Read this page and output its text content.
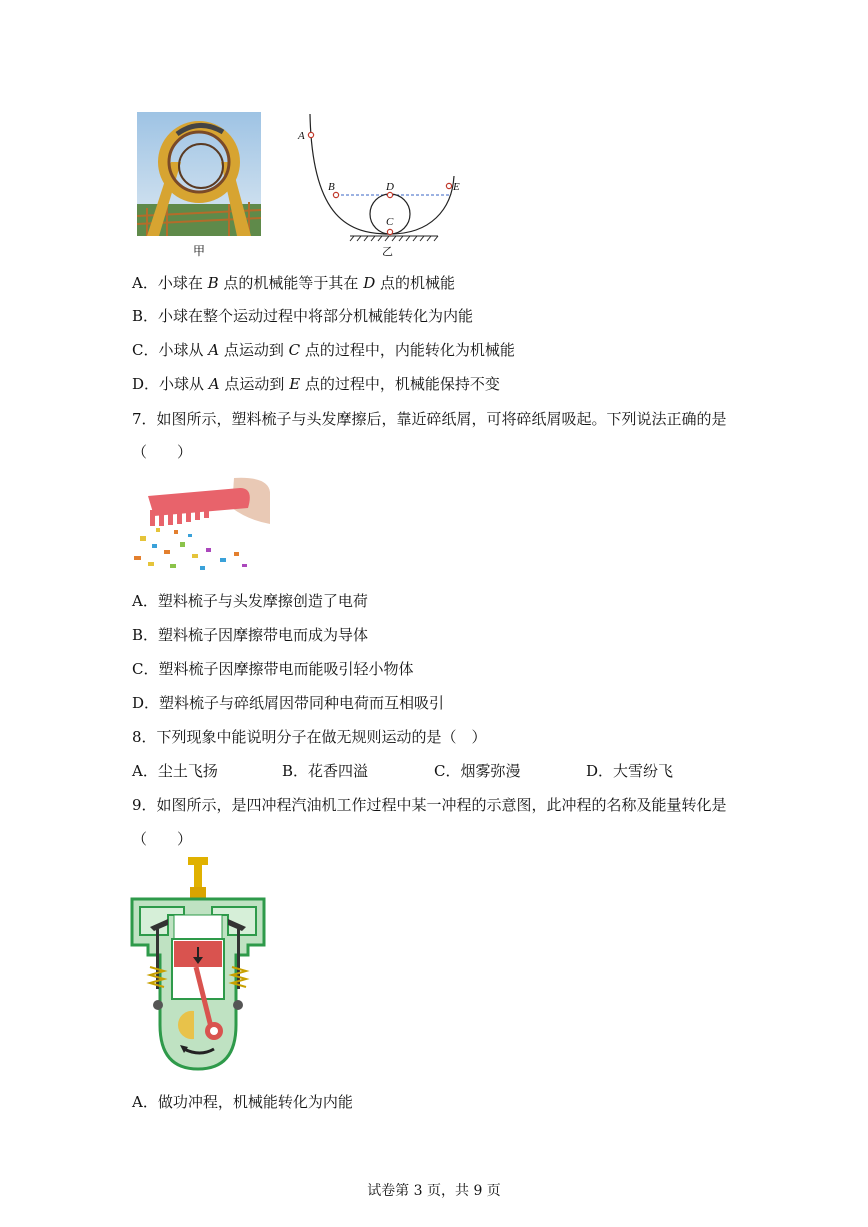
甲
A
B	D
C
E
乙
A．小球在 B 点的机械能等于其在 D 点的机械能
B．小球在整个运动过程中将部分机械能转化为内能
C．小球从 A 点运动到 C 点的过程中，内能转化为机械能
D．小球从 A 点运动到 E 点的过程中，机械能保持不变
7．如图所示，塑料梳子与头发摩擦后，靠近碎纸屑，可将碎纸屑吸起。下列说法正确的是
（　　）
A．塑料梳子与头发摩擦创造了电荷
B．塑料梳子因摩擦带电而成为导体
C．塑料梳子因摩擦带电而能吸引轻小物体
D．塑料梳子与碎纸屑因带同种电荷而互相吸引
8．下列现象中能说明分子在做无规则运动的是（　）
A．尘土飞扬	B．花香四溢	C．烟雾弥漫	D．大雪纷飞
9．如图所示，是四冲程汽油机工作过程中某一冲程的示意图，此冲程的名称及能量转化是
（　　）
A．做功冲程，机械能转化为内能
试卷第 3 页，共 9 页
